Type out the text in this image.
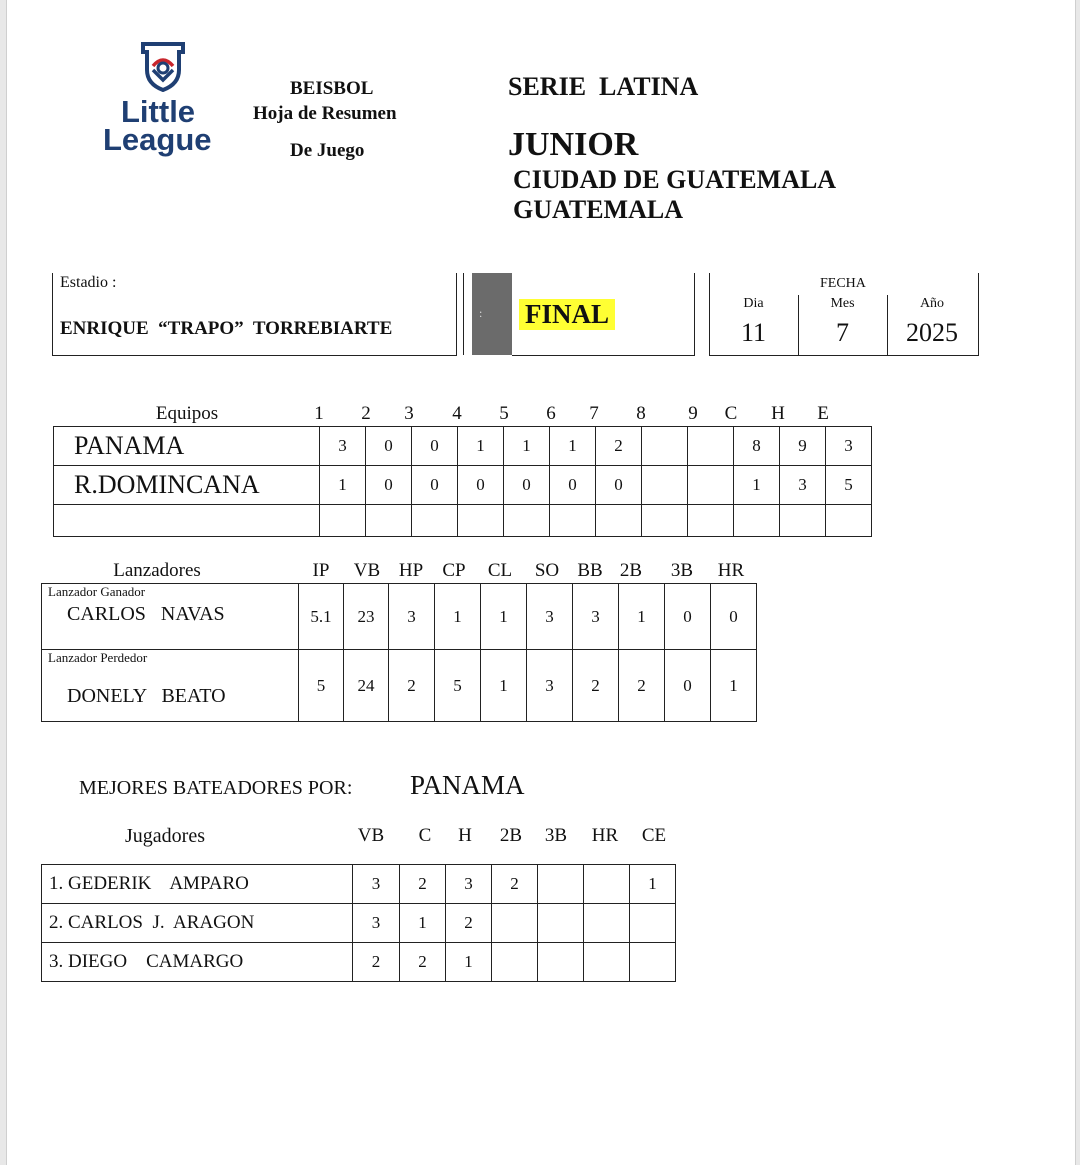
Little
League
BEISBOL
Hoja de Resumen
De Juego
SERIE  LATINA
JUNIOR
CIUDAD DE GUATEMALA
GUATEMALA
Estadio :
ENRIQUE  “TRAPO”  TORREBIARTE
: FINAL
FECHA
Dia	Mes	Año
11	7	2025
Equipos	1	2	3	4	5	6	7	8	9	C	H	E
PANAMA	3	0	0	1	1	1	2			8	9	3
R.DOMINCANA	1	0	0	0	0	0	0			1	3	5

Lanzadores	IP	VB HP	CP	CL	SO BB 2B	3B	HR
Lanzador Ganador
CARLOS   NAVAS	5.1	23	3	1	1	3	3	1	0	0

Lanzador Perdedor
DONELY   BEATO	5	24	2	5	1	3	2	2	0	1
MEJORES BATEADORES POR: PANAMA
Jugadores	VB	C	H	2B	3B	HR	CE
1. GEDERIK    AMPARO	3	2	3	2			1
2. CARLOS  J.  ARAGON	3	1	2				
3. DIEGO    CAMARGO	2	2	1				
